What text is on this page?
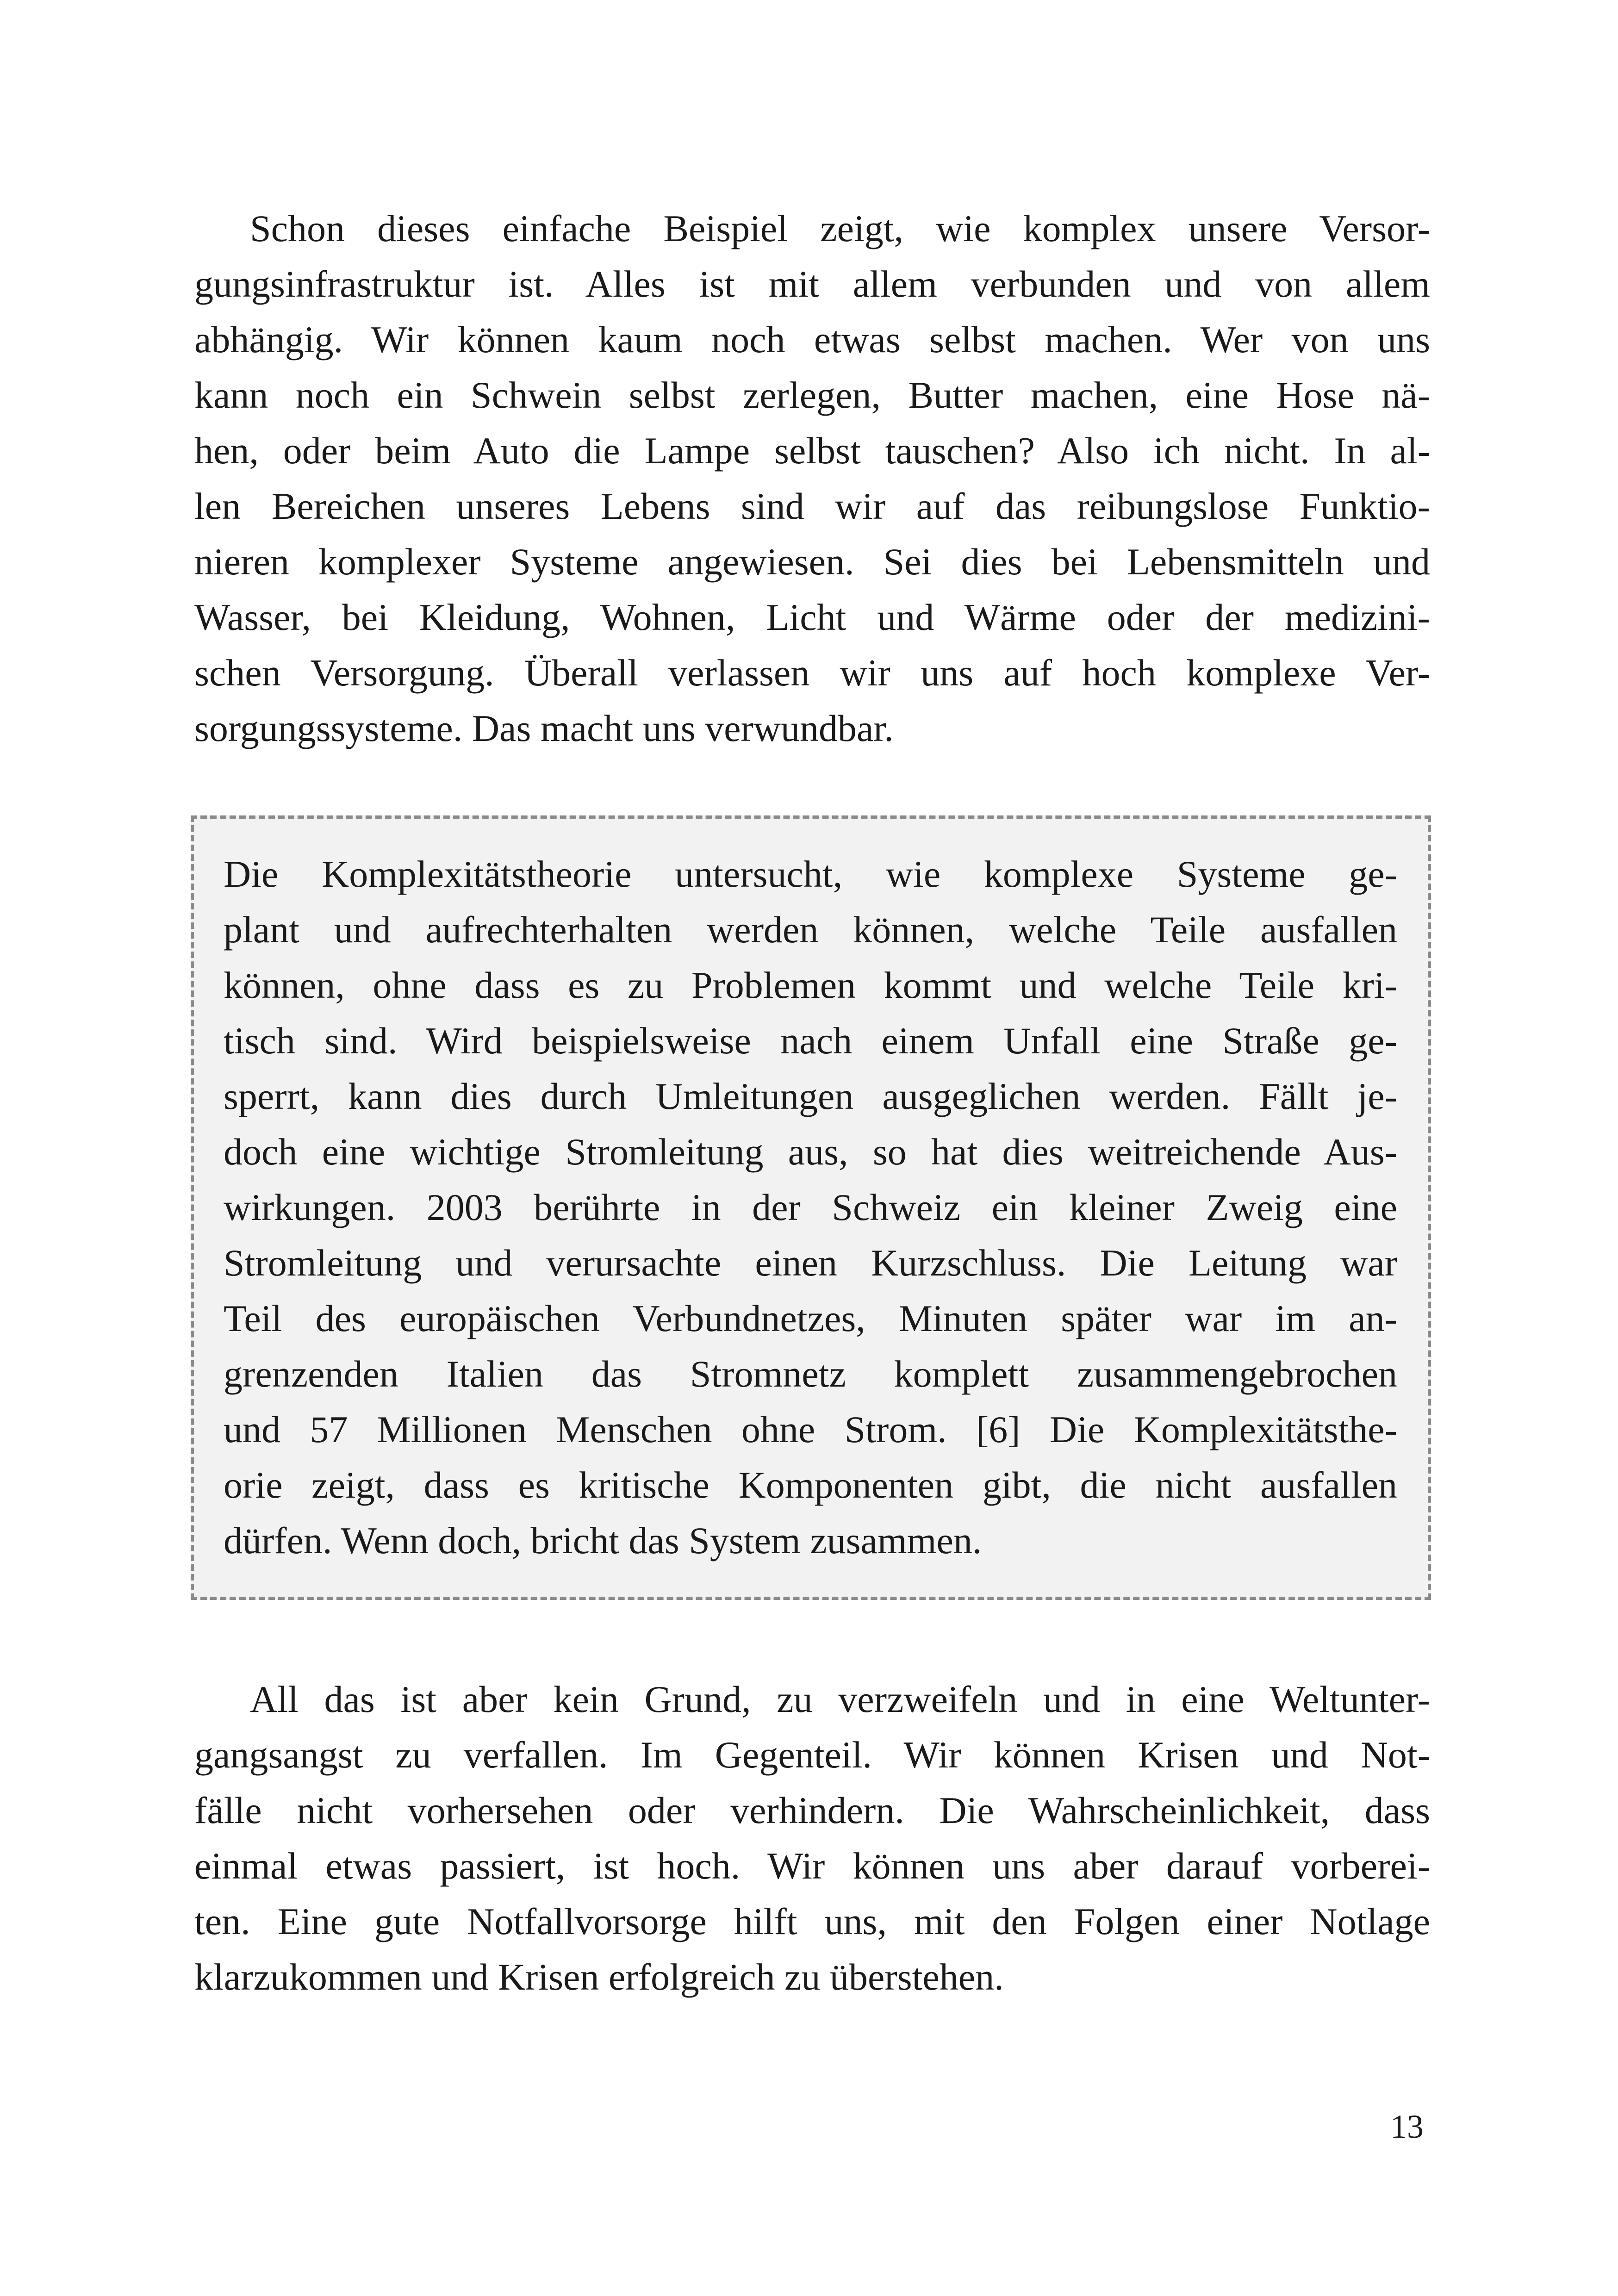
Schon dieses einfache Beispiel zeigt, wie komplex unsere Versor-
gungsinfrastruktur ist. Alles ist mit allem verbunden und von allem
abhängig. Wir können kaum noch etwas selbst machen. Wer von uns
kann noch ein Schwein selbst zerlegen, Butter machen, eine Hose nä-
hen, oder beim Auto die Lampe selbst tauschen? Also ich nicht. In al-
len Bereichen unseres Lebens sind wir auf das reibungslose Funktio-
nieren komplexer Systeme angewiesen. Sei dies bei Lebensmitteln und
Wasser, bei Kleidung, Wohnen, Licht und Wärme oder der medizini-
schen Versorgung. Überall verlassen wir uns auf hoch komplexe Ver-
sorgungssysteme. Das macht uns verwundbar.

Die Komplexitätstheorie untersucht, wie komplexe Systeme ge-
plant und aufrechterhalten werden können, welche Teile ausfallen
können, ohne dass es zu Problemen kommt und welche Teile kri-
tisch sind. Wird beispielsweise nach einem Unfall eine Straße ge-
sperrt, kann dies durch Umleitungen ausgeglichen werden. Fällt je-
doch eine wichtige Stromleitung aus, so hat dies weitreichende Aus-
wirkungen. 2003 berührte in der Schweiz ein kleiner Zweig eine
Stromleitung und verursachte einen Kurzschluss. Die Leitung war
Teil des europäischen Verbundnetzes, Minuten später war im an-
grenzenden Italien das Stromnetz komplett zusammengebrochen
und 57 Millionen Menschen ohne Strom. [6] Die Komplexitätsthe-
orie zeigt, dass es kritische Komponenten gibt, die nicht ausfallen
dürfen. Wenn doch, bricht das System zusammen.

All das ist aber kein Grund, zu verzweifeln und in eine Weltunter-
gangsangst zu verfallen. Im Gegenteil. Wir können Krisen und Not-
fälle nicht vorhersehen oder verhindern. Die Wahrscheinlichkeit, dass
einmal etwas passiert, ist hoch. Wir können uns aber darauf vorberei-
ten. Eine gute Notfallvorsorge hilft uns, mit den Folgen einer Notlage
klarzukommen und Krisen erfolgreich zu überstehen.

13
